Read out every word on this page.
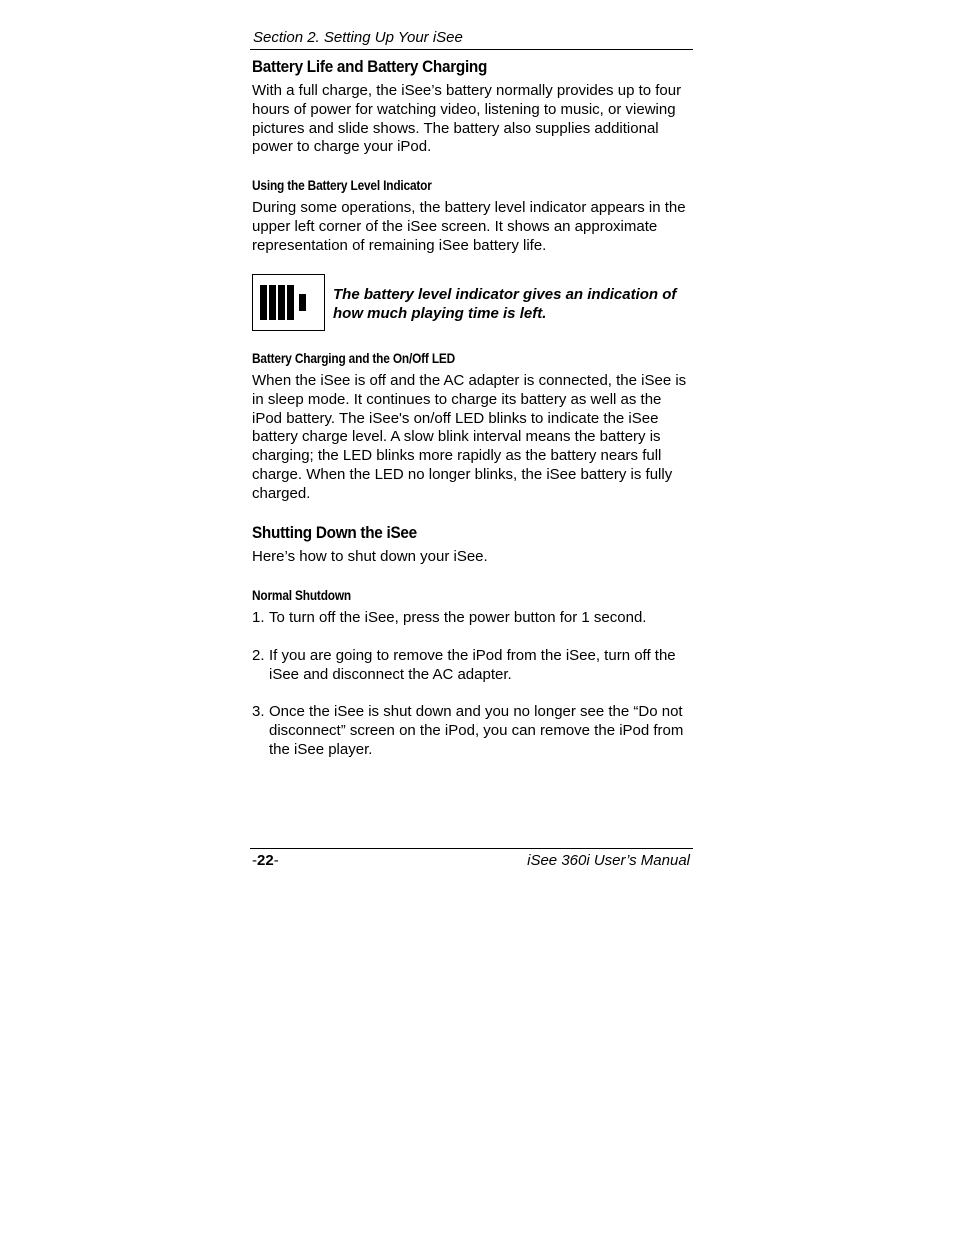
Section 2. Setting Up Your iSee
Battery Life and Battery Charging

With a full charge, the iSee’s battery normally provides up to four hours of power for watching video, listening to music, or viewing pictures and slide shows. The battery also supplies additional power to charge your iPod.

Using the Battery Level Indicator

During some operations, the battery level indicator appears in the upper left corner of the iSee screen. It shows an approximate representation of remaining iSee battery life.

The battery level indicator gives an indication of how much playing time is left.

Battery Charging and the On/Off LED

When the iSee is off and the AC adapter is connected, the iSee is in sleep mode. It continues to charge its battery as well as the iPod battery. The iSee's on/off LED blinks to indicate the iSee battery charge level. A slow blink interval means the battery is charging; the LED blinks more rapidly as the battery nears full charge. When the LED no longer blinks, the iSee battery is fully charged.

Shutting Down the iSee

Here’s how to shut down your iSee.

Normal Shutdown
1. To turn off the iSee, press the power button for 1 second.
2. If you are going to remove the iPod from the iSee, turn off the iSee and disconnect the AC adapter.
3. Once the iSee is shut down and you no longer see the “Do not disconnect” screen on the iPod, you can remove the iPod from the iSee player.
-22-	iSee 360i User’s Manual
